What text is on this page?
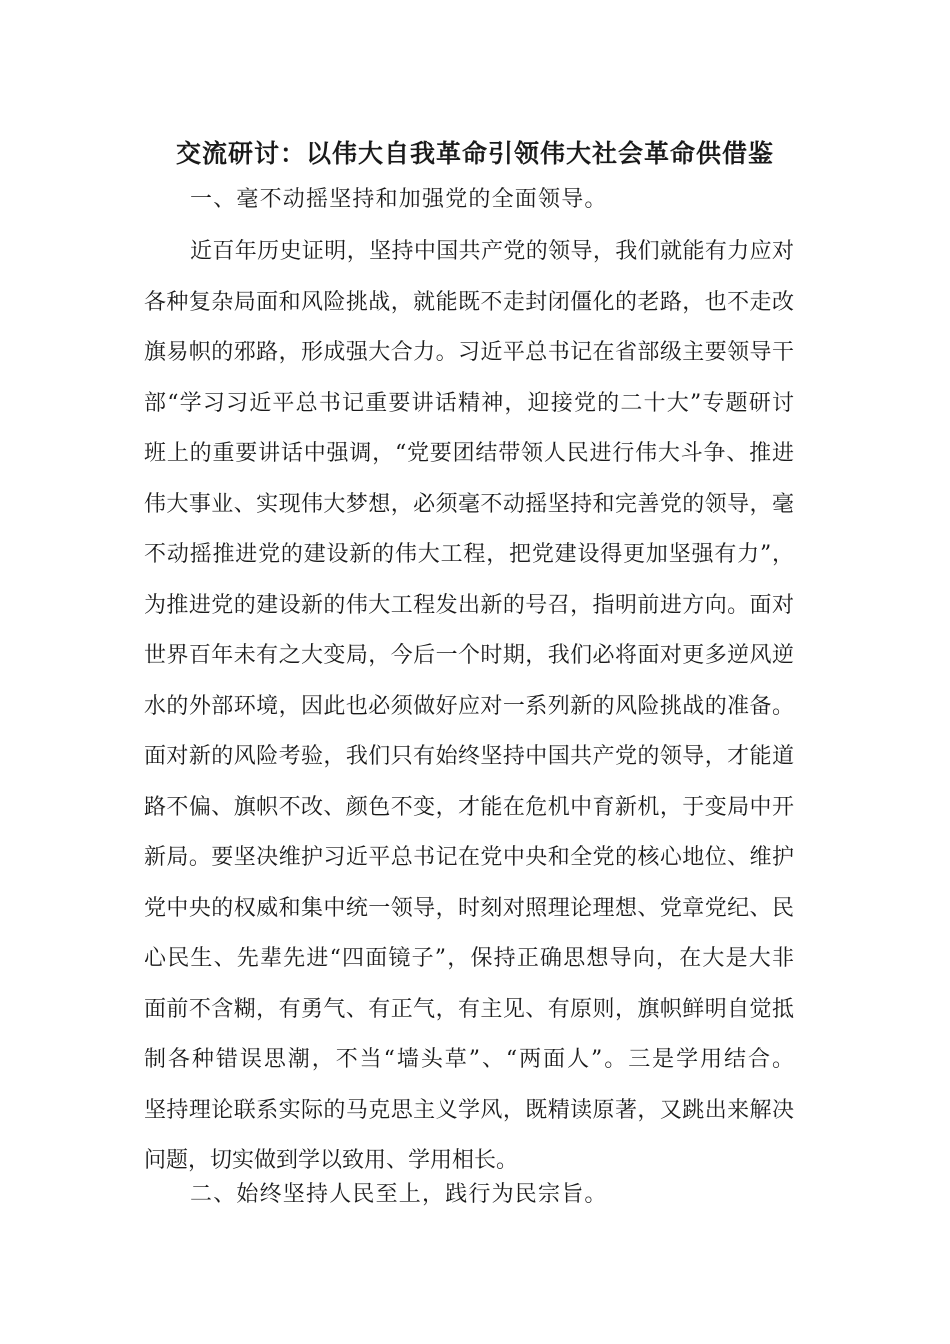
交流研讨：以伟大自我革命引领伟大社会革命供借鉴

一、毫不动摇坚持和加强党的全面领导。

近百年历史证明，坚持中国共产党的领导，我们就能有力应对
各种复杂局面和风险挑战，就能既不走封闭僵化的老路，也不走改
旗易帜的邪路，形成强大合力。习近平总书记在省部级主要领导干
部“学习习近平总书记重要讲话精神，迎接党的二十大”专题研讨
班上的重要讲话中强调，“党要团结带领人民进行伟大斗争、推进
伟大事业、实现伟大梦想，必须毫不动摇坚持和完善党的领导，毫
不动摇推进党的建设新的伟大工程，把党建设得更加坚强有力”，
为推进党的建设新的伟大工程发出新的号召，指明前进方向。面对
世界百年未有之大变局，今后一个时期，我们必将面对更多逆风逆
水的外部环境，因此也必须做好应对一系列新的风险挑战的准备。
面对新的风险考验，我们只有始终坚持中国共产党的领导，才能道
路不偏、旗帜不改、颜色不变，才能在危机中育新机，于变局中开
新局。要坚决维护习近平总书记在党中央和全党的核心地位、维护
党中央的权威和集中统一领导，时刻对照理论理想、党章党纪、民
心民生、先辈先进“四面镜子”，保持正确思想导向，在大是大非
面前不含糊，有勇气、有正气，有主见、有原则，旗帜鲜明自觉抵
制各种错误思潮，不当“墙头草”、“两面人”。三是学用结合。
坚持理论联系实际的马克思主义学风，既精读原著，又跳出来解决
问题，切实做到学以致用、学用相长。

二、始终坚持人民至上，践行为民宗旨。
